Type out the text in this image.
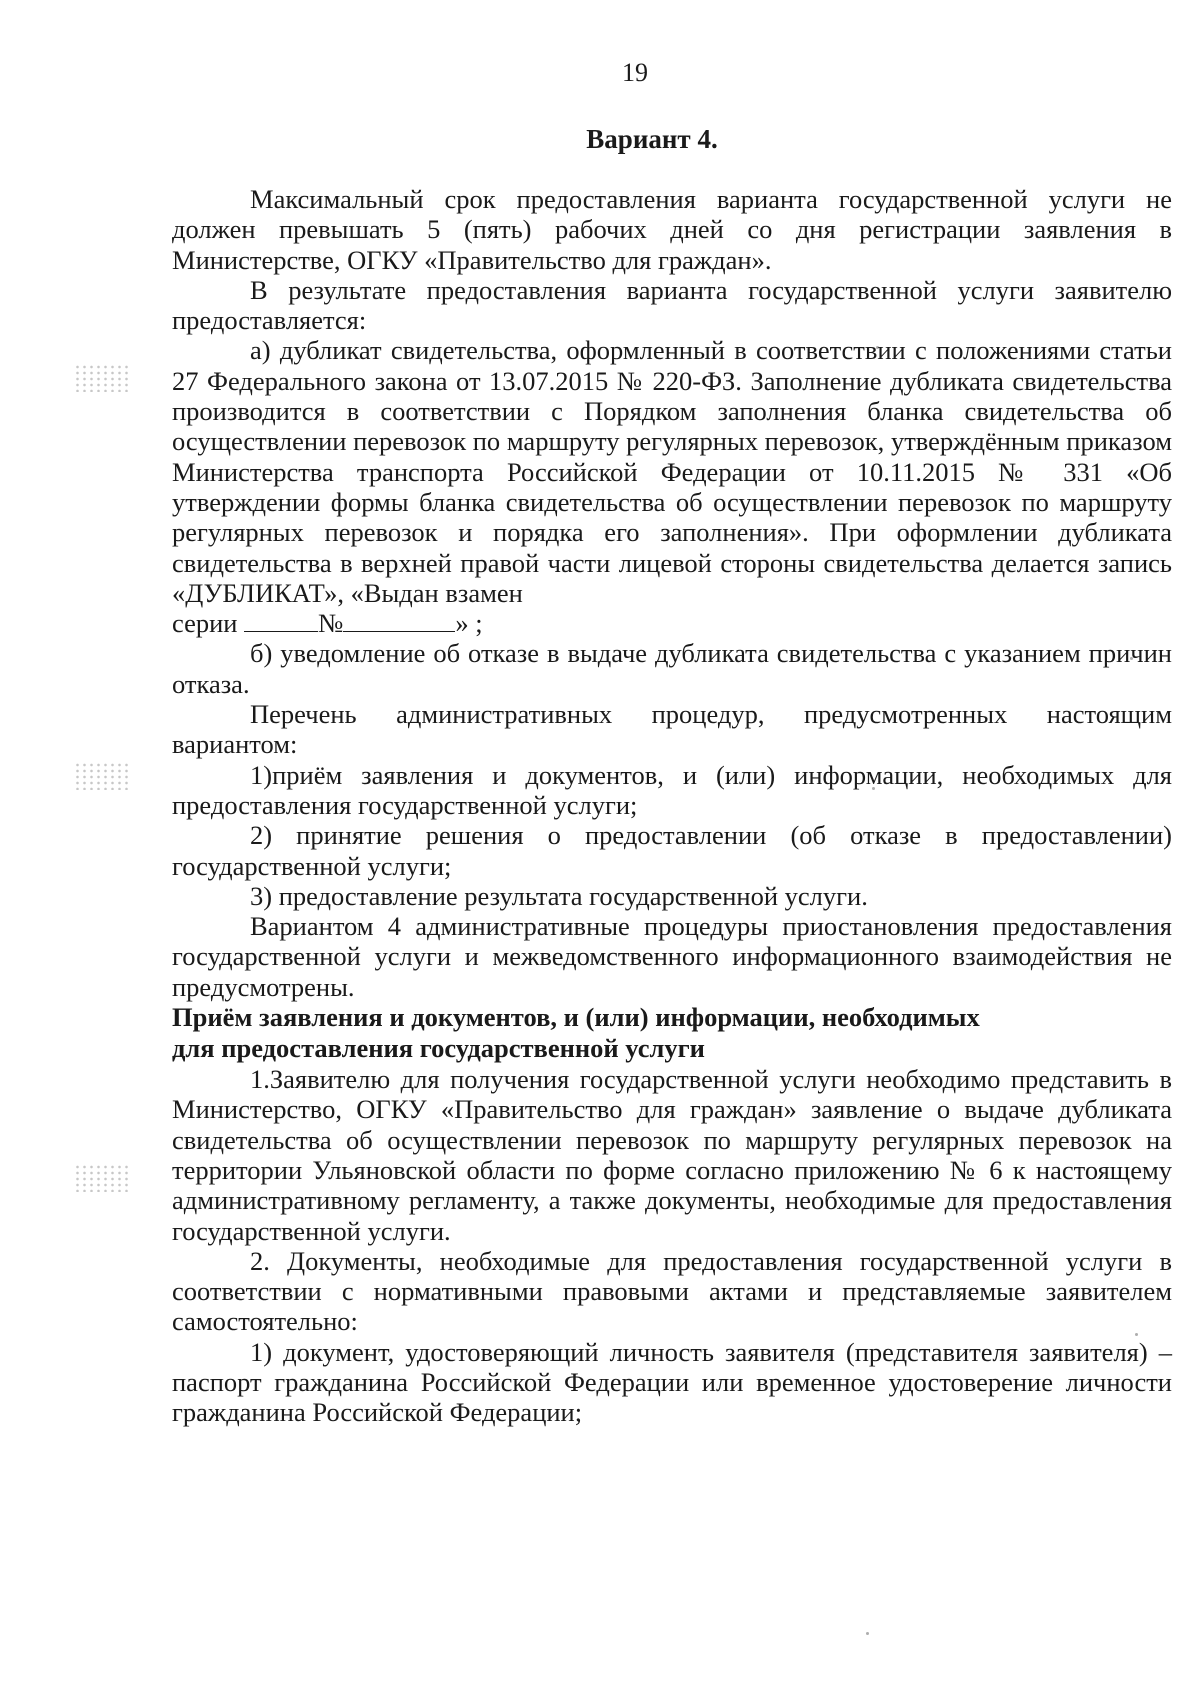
19
Вариант 4.

Максимальный срок предоставления варианта государственной услуги не должен превышать 5 (пять) рабочих дней со дня регистрации заявления в Министерстве, ОГКУ «Правительство для граждан».

В результате предоставления варианта государственной услуги заявителю предоставляется:

а) дубликат свидетельства, оформленный в соответствии с положениями статьи 27 Федерального закона от 13.07.2015 № 220-ФЗ. Заполнение дубликата свидетельства производится в соответствии с Порядком заполнения бланка свидетельства об осуществлении перевозок по маршруту регулярных перевозок, утверждённым приказом Министерства транспорта Российской Федерации от 10.11.2015 № 331 «Об утверждении формы бланка свидетельства об осуществлении перевозок по маршруту регулярных перевозок и порядка его заполнения». При оформлении дубликата свидетельства в верхней правой части лицевой стороны свидетельства делается запись «ДУБЛИКАТ», «Выдан взамен

серии	№	» ;

б) уведомление об отказе в выдаче дубликата свидетельства с указанием причин отказа.

Перечень административных процедур, предусмотренных настоящим вариантом:

1)приём заявления и документов, и (или) информации, необходимых для предоставления государственной услуги;

2) принятие решения о предоставлении (об отказе в предоставлении) государственной услуги;

3) предоставление результата государственной услуги.

Вариантом 4 административные процедуры приостановления предоставления государственной услуги и межведомственного информационного взаимодействия не предусмотрены.

Приём заявления и документов, и (или) информации, необходимых
для предоставления государственной услуги

1.Заявителю для получения государственной услуги необходимо представить в Министерство, ОГКУ «Правительство для граждан» заявление о выдаче дубликата свидетельства об осуществлении перевозок по маршруту регулярных перевозок на территории Ульяновской области по форме согласно приложению № 6 к настоящему административному регламенту, а также документы, необходимые для предоставления государственной услуги.

2. Документы, необходимые для предоставления государственной услуги в соответствии с нормативными правовыми актами и представляемые заявителем самостоятельно:

1) документ, удостоверяющий личность заявителя (представителя заявителя) – паспорт гражданина Российской Федерации или временное удостоверение личности гражданина Российской Федерации;
